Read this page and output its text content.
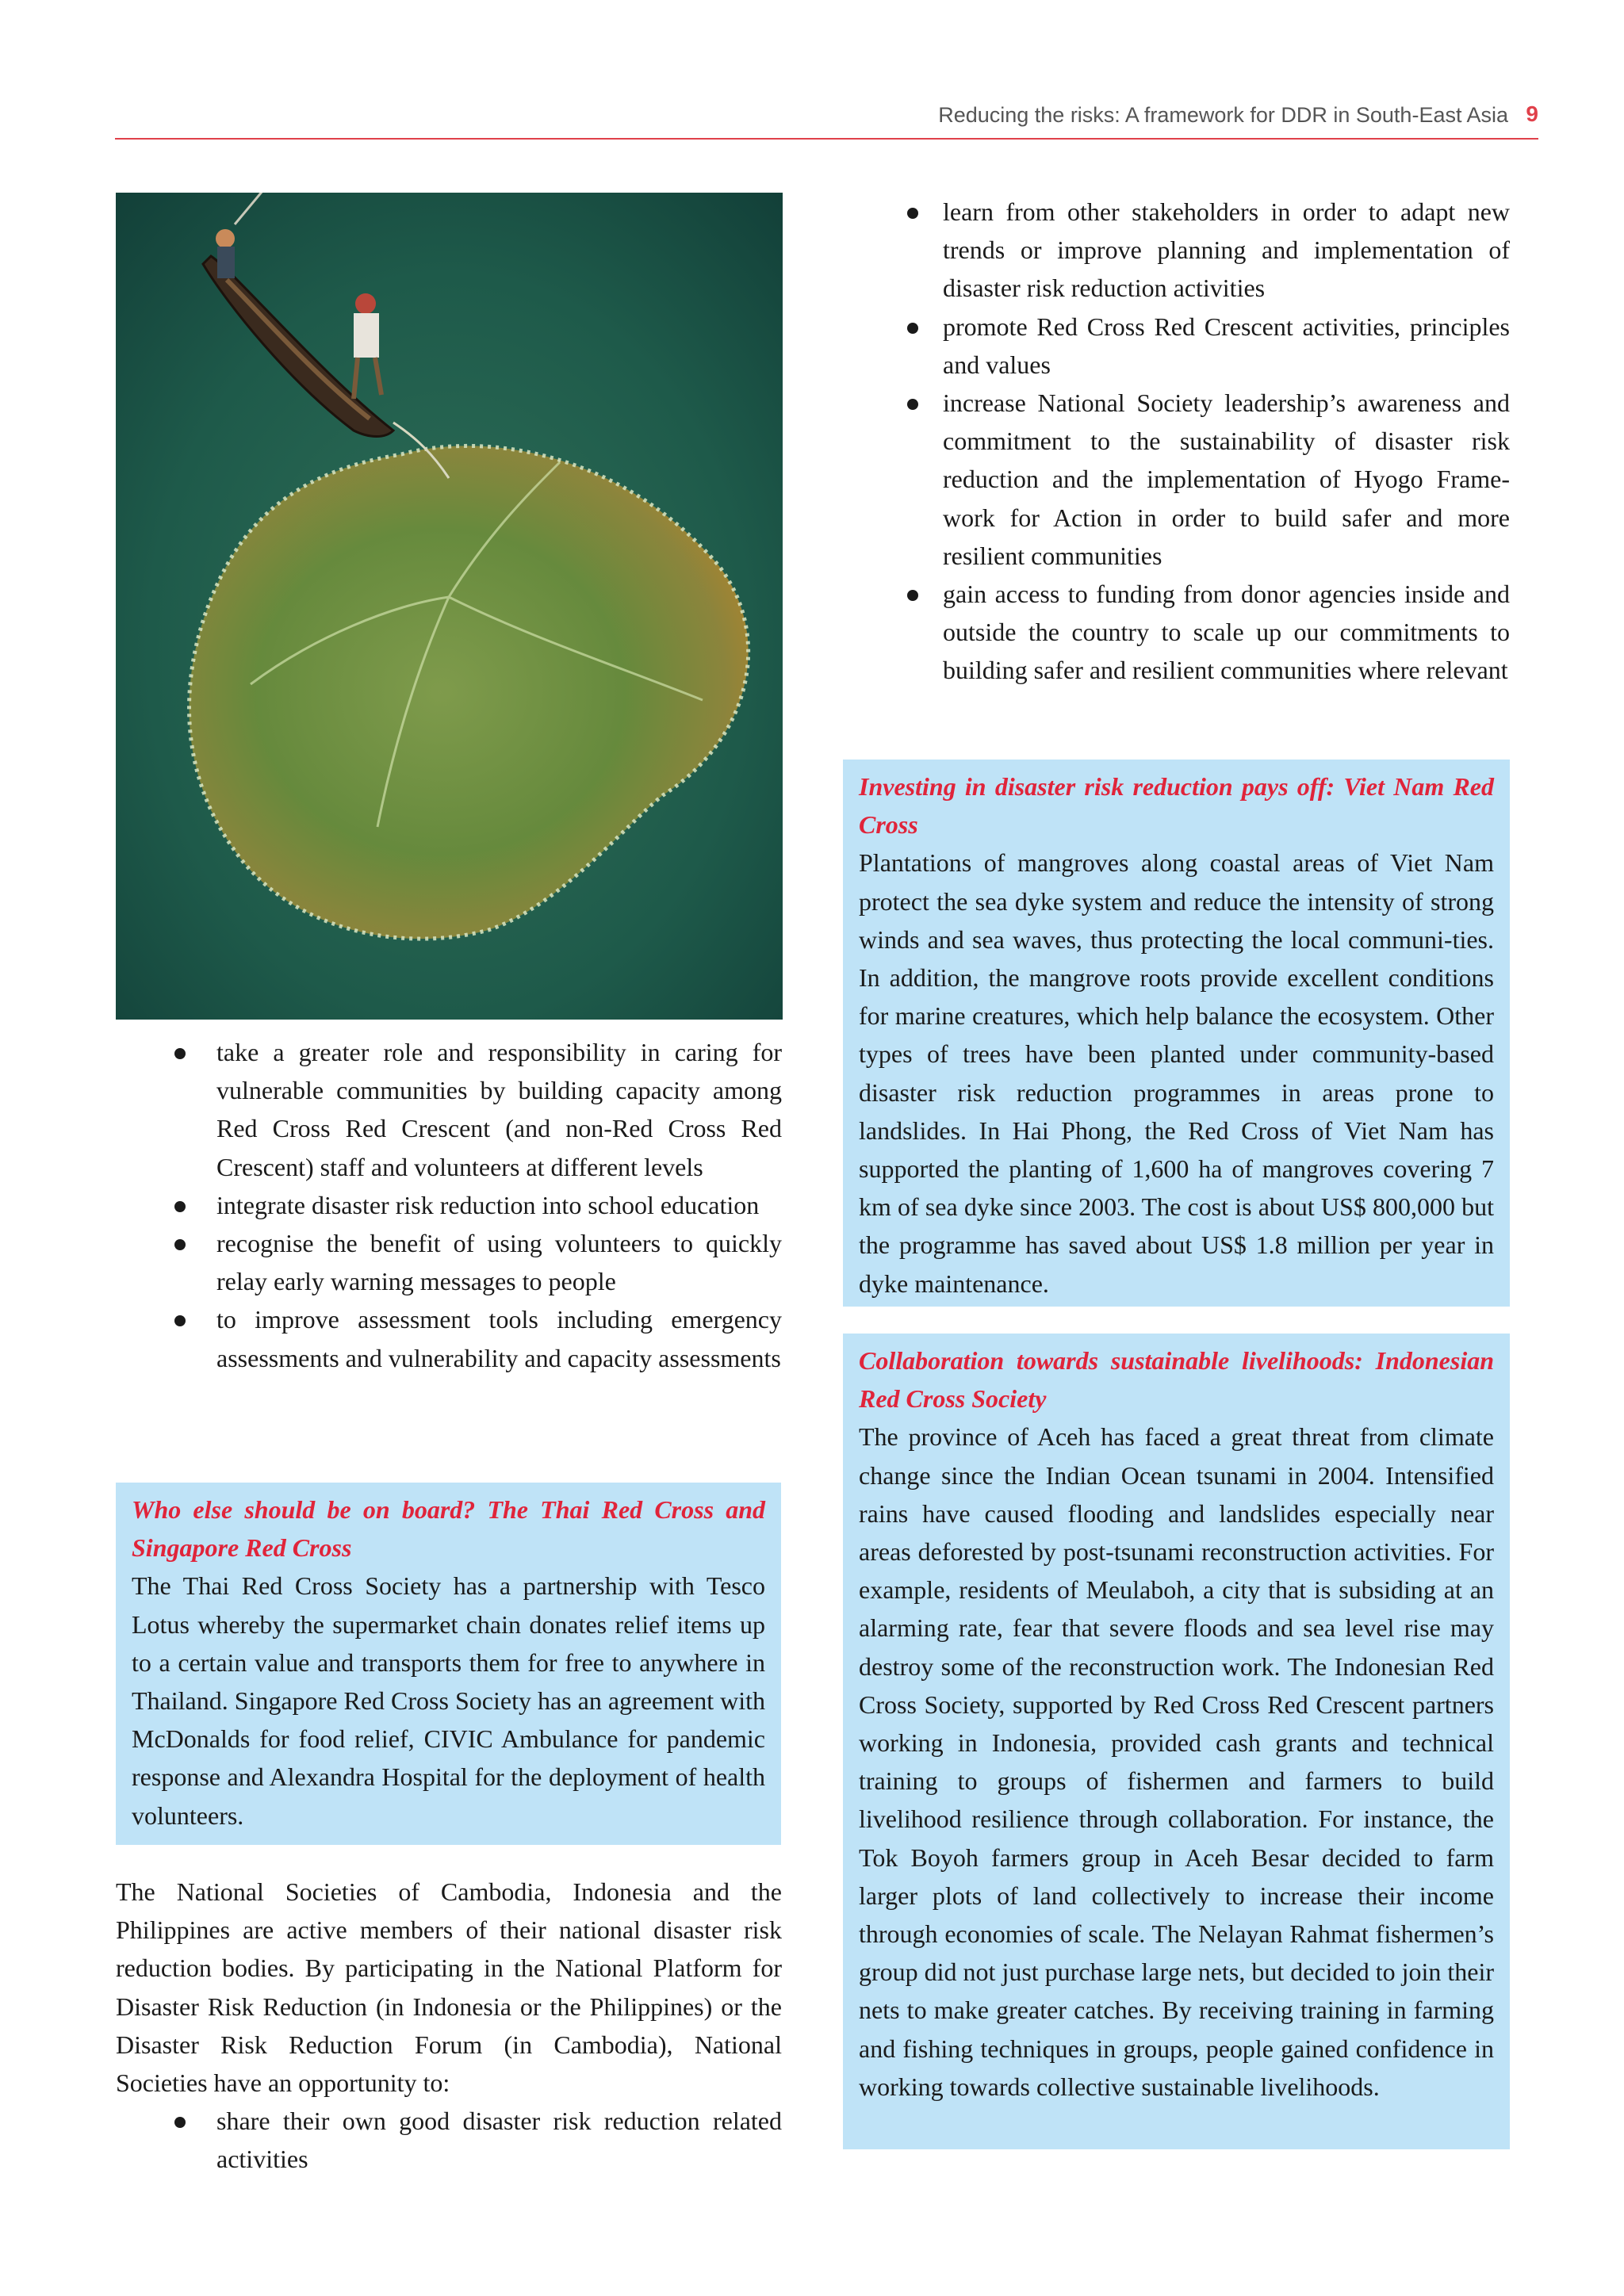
Reducing the risks: A framework for DDR in South-East Asia 9
take a greater role and responsibility in caring for vulnerable communities by building capacity among Red Cross Red Crescent (and non-Red Cross Red Crescent) staff and volunteers at different levels
integrate disaster risk reduction into school education
recognise the benefit of using volunteers to quickly relay early warning messages to people
to improve assessment tools including emergency assessments and vulnerability and capacity assessments

Who else should be on board? The Thai Red Cross and Singapore Red Cross

The Thai Red Cross Society has a partnership with Tesco Lotus whereby the supermarket chain donates relief items up to a certain value and transports them for free to anywhere in Thailand. Singapore Red Cross Society has an agreement with McDonalds for food relief, CIVIC Ambulance for pandemic response and Alexandra Hospital for the deployment of health volunteers.

The National Societies of Cambodia, Indonesia and the Philippines are active members of their national disaster risk reduction bodies. By participating in the National Platform for Disaster Risk Reduction (in Indonesia or the Philippines) or the Disaster Risk Reduction Forum (in Cambodia), National Societies have an opportunity to:

share their own good disaster risk reduction related activities
learn from other stakeholders in order to adapt new trends or improve planning and implementation of disaster risk reduction activities
promote Red Cross Red Crescent activities, principles and values
increase National Society leadership’s awareness and commitment to the sustainability of disaster risk reduction and the implementation of Hyogo Frame-work for Action in order to build safer and more resilient communities
gain access to funding from donor agencies inside and outside the country to scale up our commitments to building safer and resilient communities where relevant

Investing in disaster risk reduction pays off: Viet Nam Red Cross

Plantations of mangroves along coastal areas of Viet Nam protect the sea dyke system and reduce the intensity of strong winds and sea waves, thus protecting the local communi-ties. In addition, the mangrove roots provide excellent conditions for marine creatures, which help balance the ecosystem. Other types of trees have been planted under community-based disaster risk reduction programmes in areas prone to landslides. In Hai Phong, the Red Cross of Viet Nam has supported the planting of 1,600 ha of mangroves covering 7 km of sea dyke since 2003. The cost is about US$ 800,000 but the programme has saved about US$ 1.8 million per year in dyke maintenance.

Collaboration towards sustainable livelihoods: Indonesian Red Cross Society

The province of Aceh has faced a great threat from climate change since the Indian Ocean tsunami in 2004. Intensified rains have caused flooding and landslides especially near areas deforested by post-tsunami reconstruction activities. For example, residents of Meulaboh, a city that is subsiding at an alarming rate, fear that severe floods and sea level rise may destroy some of the reconstruction work. The Indonesian Red Cross Society, supported by Red Cross Red Crescent partners working in Indonesia, provided cash grants and technical training to groups of fishermen and farmers to build livelihood resilience through collaboration. For instance, the Tok Boyoh farmers group in Aceh Besar decided to farm larger plots of land collectively to increase their income through economies of scale. The Nelayan Rahmat fishermen’s group did not just purchase large nets, but decided to join their nets to make greater catches. By receiving training in farming and fishing techniques in groups, people gained confidence in working towards collective sustainable livelihoods.
